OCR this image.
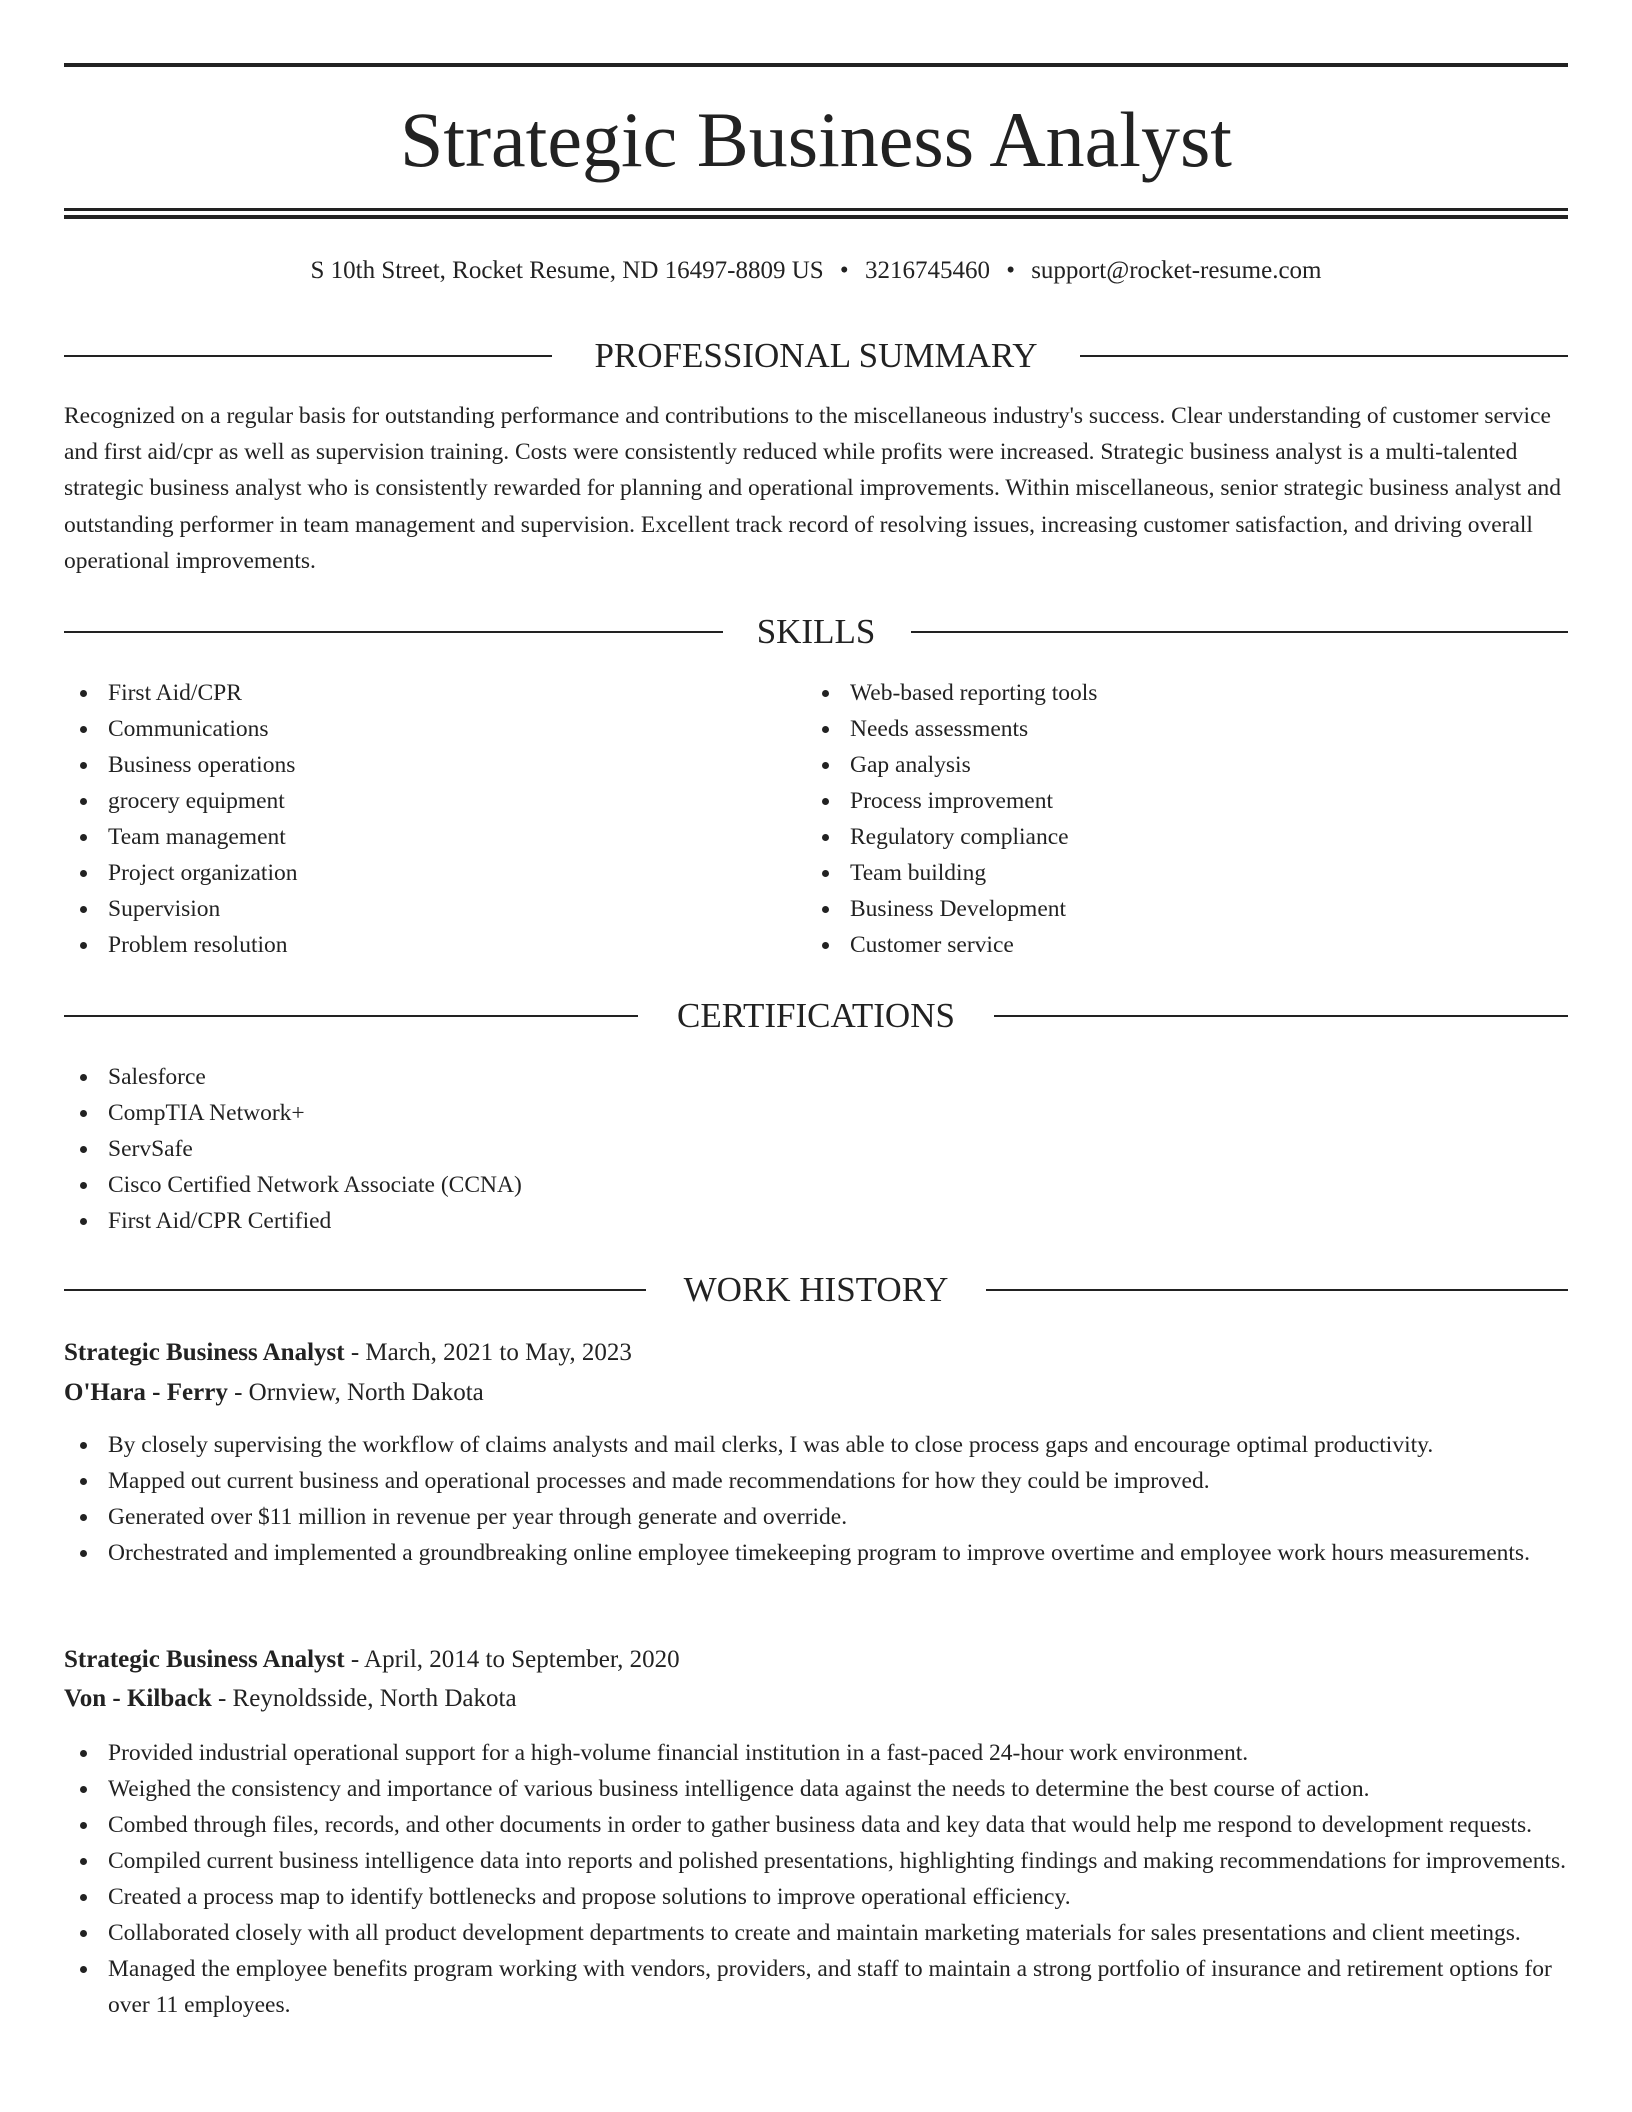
Strategic Business Analyst
S 10th Street, Rocket Resume, ND 16497-8809 US • 3216745460 • support@rocket-resume.com
PROFESSIONAL SUMMARY

Recognized on a regular basis for outstanding performance and contributions to the miscellaneous industry's success. Clear understanding of customer service and first aid/cpr as well as supervision training. Costs were consistently reduced while profits were increased. Strategic business analyst is a multi-talented strategic business analyst who is consistently rewarded for planning and operational improvements. Within miscellaneous, senior strategic business analyst and outstanding performer in team management and supervision. Excellent track record of resolving issues, increasing customer satisfaction, and driving overall operational improvements.

SKILLS
First Aid/CPR
Communications
Business operations
grocery equipment
Team management
Project organization
Supervision
Problem resolution
Web-based reporting tools
Needs assessments
Gap analysis
Process improvement
Regulatory compliance
Team building
Business Development
Customer service
CERTIFICATIONS
Salesforce
CompTIA Network+
ServSafe
Cisco Certified Network Associate (CCNA)
First Aid/CPR Certified
WORK HISTORY
Strategic Business Analyst - March, 2021 to May, 2023
O'Hara - Ferry - Ornview, North Dakota
By closely supervising the workflow of claims analysts and mail clerks, I was able to close process gaps and encourage optimal productivity.
Mapped out current business and operational processes and made recommendations for how they could be improved.
Generated over $11 million in revenue per year through generate and override.
Orchestrated and implemented a groundbreaking online employee timekeeping program to improve overtime and employee work hours measurements.
Strategic Business Analyst - April, 2014 to September, 2020
Von - Kilback - Reynoldsside, North Dakota
Provided industrial operational support for a high-volume financial institution in a fast-paced 24-hour work environment.
Weighed the consistency and importance of various business intelligence data against the needs to determine the best course of action.
Combed through files, records, and other documents in order to gather business data and key data that would help me respond to development requests.
Compiled current business intelligence data into reports and polished presentations, highlighting findings and making recommendations for improvements.
Created a process map to identify bottlenecks and propose solutions to improve operational efficiency.
Collaborated closely with all product development departments to create and maintain marketing materials for sales presentations and client meetings.
Managed the employee benefits program working with vendors, providers, and staff to maintain a strong portfolio of insurance and retirement options for over 11 employees.
